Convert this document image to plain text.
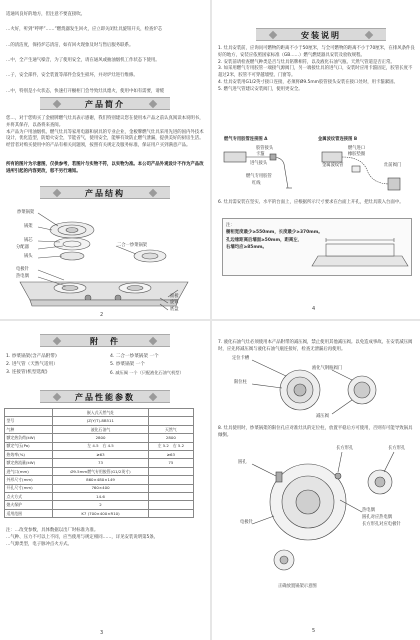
适通风良好的地方，但注意不要直接吹。

…火好，听到“呼呼”……”燃烧器发生回火，应立即关闭灶具旋钮开关，检查炉芯

…的清洁度，保持炉芯清洁，如有回火现象及时与售后服务联系。

…中，全产生通气噪音，为了使用安全，请在通风或抽油烟机工作状态下使用。

…子，安全部件，安全装置等部件会发生损坏，并对炉灶进行维修。

…中，特别是小火状态，快速打开橱柜门会导致灶具熄火，使用中如有需要，请缓

产品简介
您…，对于您购买了金板牌燃气灶具表示感谢，我们特别建议您在使用本产品之前认真阅读本说明书，并将其保存，以备将来查阅。
本产品为户用油烟机、燃气灶具等家用电器和厨具的专业企业，金板牌燃气灶具采用先进的国内外技术设计，优化造型，防熄火安全，节能省气，使用安全，能够有效防止燃气泄漏，提供美好的厨房生活。
经营者对购买使用中的产品有相关问题须，按照有关规定及服务标准，保证用户买到满意产品。
所有的图片为示意图，仅供参考，若图片与实物不符，以实物为准。本公司产品外观设计不作为产品改进所引起的内容更改，恕不另行通知。
产品结构
炒菜锅架
锅架
锅芯
分配器
锅头
电极针
热电偶
二合一炒菜锅架
面板
旋钮
底盘
2
安装说明
1. 灶具安装前，应询问可燃物的距离不小于50厘米，与全可燃物的距离不小于70厘米，在排风条件良好的地方，安装应依照国家标准（GB……）燃气燃烧器具安装及验收规程。
2. 安装前请检查燃气种类是否与灶具铭牌相符，以及液化石油气瓶、天然气管道是否正常。
3. 如采用燃气专用胶管一端接气源阀门，另一端接灶具的进气口，安装时应用卡箍固定，胶管长度不超过2米，胶管不可穿越墙壁、门窗等。
4. 灶具安装用G1/2英寸接口连接，必须将Ø9.5mm胶管接头安装在接口处时，用卡箍紧固。
5. 燃气进气管建议安装阀门，使用更安全。
燃气专用胶管连接图 A	金属波纹管连接图 B
胶管接头
卡箍
进气接头
燃气专用胶管
红线
燃气进口
橡胶垫圈
金属波纹管	灶前阀门
6. 灶具需安装在坚实、水平的台面上，应根据所示尺寸要求在台面上开孔，把灶具嵌入台面中。
注：
橱柜宽度最少≥550mm，长度最少≥370mm。
孔边缘距离后墙面≥50mm，距离左、右墙均应≥85mm。
4
附　件
1. 炒菜锅架(含产品附带)
2. 进气管（天然气适用）
3. 连接管(机型选配)
4. 二合一炒菜锅架 一个
5. 炒菜锅架 一个
6. 减压阀 一个（只配液化石油气机型）
产品性能参数
	嵌入式天然气灶	
型号	JZ(Y/T)-8B511	
气种	液化石油气	天然气
额定热负荷(kW)	2800	2800
额定气压(Pa)	左 4.5　右 4.5	左 5.2　右 5.2
热效率(%)	≥63	≥63
额定热流量(kW)	73	75
进气口(mm)	Ø9.5mm燃气专用胶管(G1/2英寸)	
外形尺寸(mm)	860×480×149	
开孔尺寸(mm)	760×400	
点火方式	14.6	
熄火保护	2	
适用范围	K7 (700×400×R10)	
注：…改变参数，具体数据以出厂时标准为准。
…气种、压力不可以上不同，应当使用与规定相同……，详见安装说明第5条。
…气源类型，电子脉冲点火方式。
3
7. 液化石油气灶必须使用本产品附带的减压阀，禁止使用其他减压阀。以免造成事故。在安装减压阀时，应先将减压阀与液化石油气瓶连接好，检查无泄漏后再使用。
定位卡槽
液化气钢瓶阀门
限位柱
减压阀
8. 灶具使用时，炒菜锅架的限位孔应对准灶具的定位柱，放置平稳后方可使用，否则有可能导致锅具倾倒。
圆孔
长方形孔	长方形孔
电极针
热电偶
圆孔对应热电偶
长方形孔对应电极针
正确放置锅架示意图
5
